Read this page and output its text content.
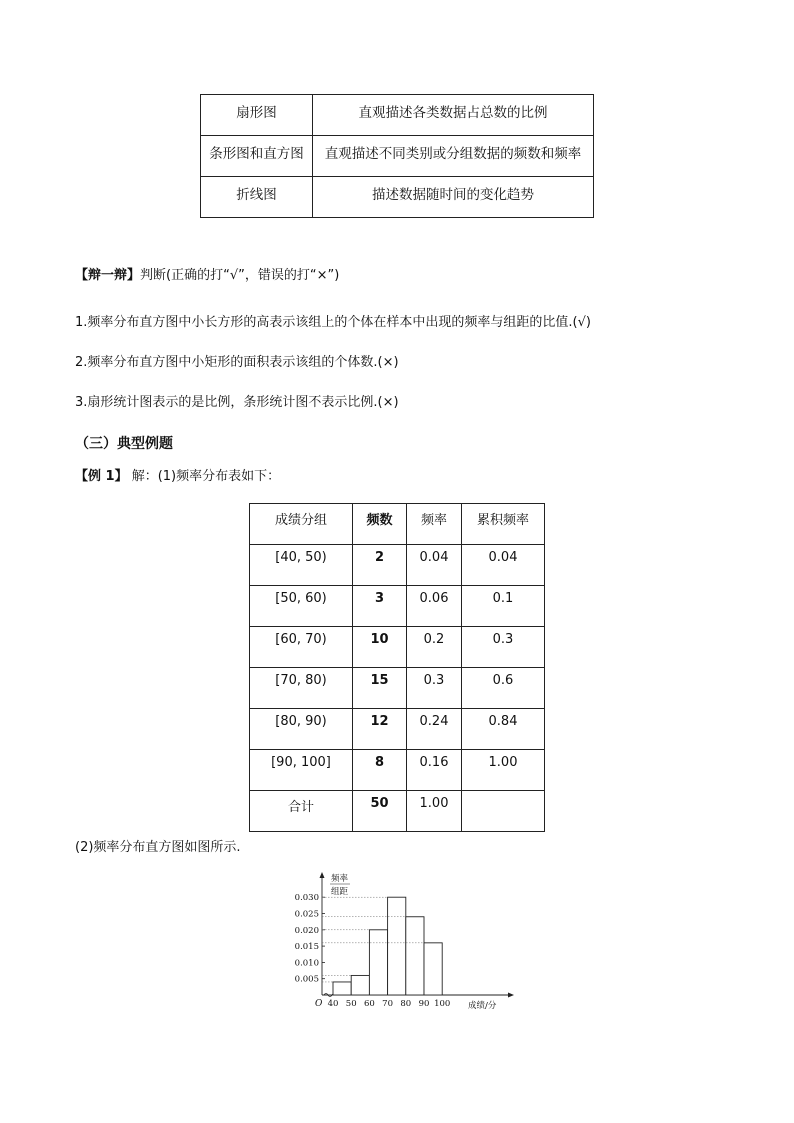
扇形图	直观描述各类数据占总数的比例
条形图和直方图	直观描述不同类别或分组数据的频数和频率
折线图	描述数据随时间的变化趋势
【辩一辩】判断(正确的打“√”，错误的打“×”)
1.频率分布直方图中小长方形的高表示该组上的个体在样本中出现的频率与组距的比值.(√)
2.频率分布直方图中小矩形的面积表示该组的个体数.(×)
3.扇形统计图表示的是比例，条形统计图不表示比例.(×)
（三）典型例题
【例 1】 解：(1)频率分布表如下：
成绩分组	频数	频率	累积频率
[40, 50)	2	0.04	0.04
[50, 60)	3	0.06	0.1
[60, 70)	10	0.2	0.3
[70, 80)	15	0.3	0.6
[80, 90)	12	0.24	0.84
[90, 100]	8	0.16	1.00
合计	50	1.00	
(2)频率分布直方图如图所示.
0.005
0.010
0.015
0.020
0.025
0.030
40 50 60 70 80 90 100
O
频率
组距
成绩/分
